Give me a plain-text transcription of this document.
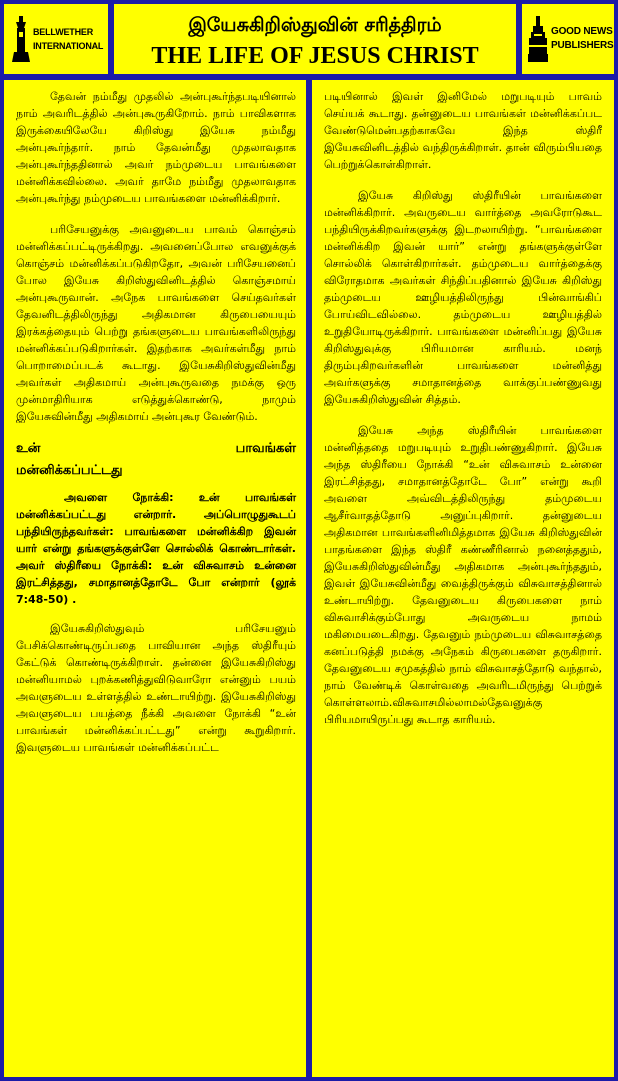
BELLWETHER
INTERNATIONAL
இயேசுகிறிஸ்துவின் சரித்திரம்
THE LIFE OF JESUS CHRIST
GOOD NEWS
PUBLISHERS

தேவன் நம்மீது முதலில் அன்புகூர்ந்தபடியினால் நாம் அவரிடத்தில் அன்புகூருகிறோம். நாம் பாவிகளாக இருக்கையிலேயே கிறிஸ்து இயேசு நம்மீது அன்புகூர்ந்தார். நாம் தேவன்மீது முதலாவதாக அன்புகூர்ந்ததினால் அவர் நம்முடைய பாவங்களை மன்னிக்கவில்லை. அவர் தாமே நம்மீது முதலாவதாக அன்புகூர்ந்து நம்முடைய பாவங்களை மன்னிக்கிறார்.

பரிசேயனுக்கு அவனுடைய பாவம் கொஞ்சம் மன்னிக்கப்பட்டிருக்கிறது. அவனைப்போல எவனுக்குக் கொஞ்சம் மன்னிக்கப்படுகிறதோ, அவன் பரிசேயனைப் போல இயேசு கிறிஸ்துவினிடத்தில் கொஞ்சமாய் அன்புகூருவான். அநேக பாவங்களை செய்தவர்கள் தேவனிடத்திலிருந்து அதிகமான கிருபையையும் இரக்கத்தையும் பெற்று தங்களுடைய பாவங்களிலிருந்து மன்னிக்கப்படுகிறார்கள். இதற்காக அவர்கள்மீது நாம் பொறாமைப்படக் கூடாது. இயேசுகிறிஸ்துவின்மீது அவர்கள் அதிகமாய் அன்புகூருவதை நமக்கு ஒரு முன்மாதிரியாக எடுத்துக்கொண்டு, நாமும் இயேசுவின்மீது அதிகமாய் அன்புகூர வேண்டும்.

உன்	பாவங்கள்
மன்னிக்கப்பட்டது

அவளை நோக்கி: உன் பாவங்கள் மன்னிக்கப்பட்டது என்றார். அப்பொழுதுகூடப் பந்தியிருந்தவர்கள்: பாவங்களை மன்னிக்கிற இவன் யார் என்று தங்களுக்குள்ளே சொல்லிக் கொண்டார்கள். அவர் ஸ்திரீயை நோக்கி: உன் விசுவாசம் உன்னை இரட்சித்தது, சமாதானத்தோடே போ என்றார் (லூக் 7:48-50) .

இயேசுகிறிஸ்துவும் பரிசேயனும் பேசிக்கொண்டிருப்பதை பாவியான அந்த ஸ்திரீயும் கேட்டுக் கொண்டிருக்கிறாள். தன்னை இயேசுகிறிஸ்து மன்னியாமல் புறக்கணித்துவிடுவாரோ என்னும் பயம் அவளுடைய உள்ளத்தில் உண்டாயிற்று. இயேசுகிறிஸ்து அவளுடைய பயத்தை நீக்கி அவளை நோக்கி “உன் பாவங்கள் மன்னிக்கப்பட்டது” என்று கூறுகிறார். இவளுடைய பாவங்கள் மன்னிக்கப்பட்ட

படியினால் இவள் இனிமேல் மறுபடியும் பாவம் செய்யக் கூடாது. தன்னுடைய பாவங்கள் மன்னிக்கப்பட வேண்டுமென்பதற்காகவே இந்த ஸ்திரீ இயேசுவினிடத்தில் வந்திருக்கிறாள். தான் விரும்பியதை பெற்றுக்கொள்கிறாள்.

இயேசு கிறிஸ்து ஸ்திரீயின் பாவங்களை மன்னிக்கிறார். அவருடைய வார்த்தை அவரோடுகூட பந்தியிருக்கிறவர்களுக்கு இடறலாயிற்று. “பாவங்களை மன்னிக்கிற இவன் யார்” என்று தங்களுக்குள்ளே சொல்லிக் கொள்கிறார்கள். தம்முடைய வார்த்தைக்கு விரோதமாக அவர்கள் சிந்திப்பதினால் இயேசு கிறிஸ்து தம்முடைய ஊழியத்திலிருந்து பின்வாங்கிப் போய்விடவில்லை. தம்முடைய ஊழியத்தில் உறுதியோடிருக்கிறார். பாவங்களை மன்னிப்பது இயேசு கிறிஸ்துவுக்கு பிரியமான காரியம். மனந் திரும்புகிறவர்களின் பாவங்களை மன்னித்து அவர்களுக்கு சமாதானத்தை வாக்குப்பண்ணுவது இயேசுகிறிஸ்துவின் சித்தம்.

இயேசு அந்த ஸ்திரீயின் பாவங்களை மன்னித்ததை மறுபடியும் உறுதிபண்ணுகிறார். இயேசு அந்த ஸ்திரீயை நோக்கி “உன் விசுவாசம் உன்னை இரட்சித்தது, சமாதானத்தோடே போ” என்று கூறி அவளை அவ்விடத்திலிருந்து தம்முடைய ஆசீர்வாதத்தோடு அனுப்புகிறார். தன்னுடைய அதிகமான பாவங்களினிமித்தமாக இயேசு கிறிஸ்துவின் பாதங்களை இந்த ஸ்திரீ கண்ணீரினால் நனைத்ததும், இயேசுகிறிஸ்துவின்மீது அதிகமாக அன்புகூர்ந்ததும், இவள் இயேசுவின்மீது வைத்திருக்கும் விசுவாசத்தினால் உண்டாயிற்று. தேவனுடைய கிருபைகளை நாம் விசுவாசிக்கும்போது அவருடைய நாமம் மகிமையடைகிறது. தேவனும் நம்முடைய விசுவாசத்தை கனப்படுத்தி நமக்கு அநேகம் கிருபைகளை தருகிறார். தேவனுடைய சமுகத்தில் நாம் விசுவாசத்தோடு வந்தால், நாம் வேண்டிக் கொள்வதை அவரிடமிருந்து பெற்றுக் கொள்ளலாம்.விசுவாசமில்லாமல்தேவனுக்கு பிரியமாயிருப்பது கூடாத காரியம்.
